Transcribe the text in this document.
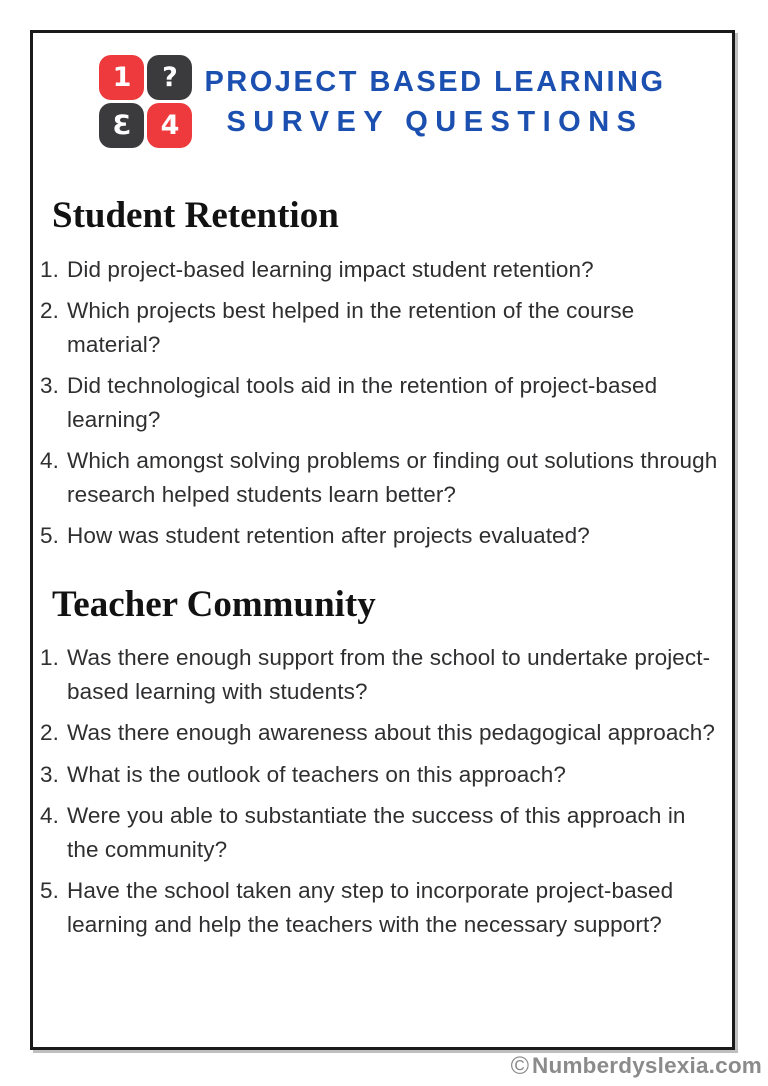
1 ?
Ɛ 4
PROJECT BASED LEARNING
SURVEY QUESTIONS
Student Retention
Did project-based learning impact student retention?
Which projects best helped in the retention of the course material?
Did technological tools aid in the retention of project-based learning?
Which amongst solving problems or finding out solutions through research helped students learn better?
How was student retention after projects evaluated?
Teacher Community
Was there enough support from the school to undertake project-based learning with students?
Was there enough awareness about this pedagogical approach?
What is the outlook of teachers on this approach?
Were you able to substantiate the success of this approach in the community?
Have the school taken any step to incorporate project-based learning and help the teachers with the necessary support?
© Numberdyslexia.com
